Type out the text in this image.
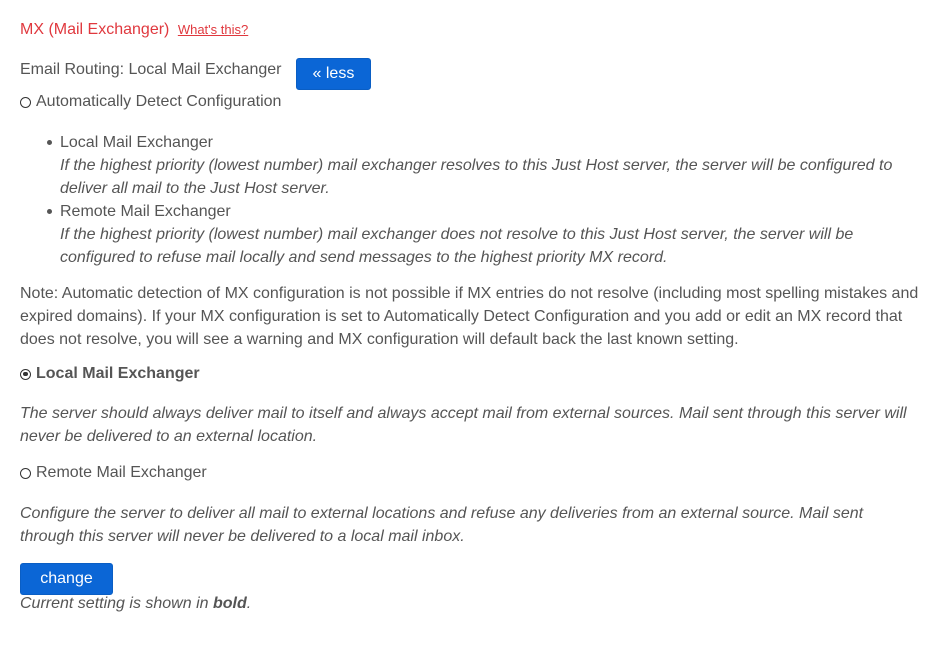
MX (Mail Exchanger) What's this?
Email Routing: Local Mail Exchanger « less
Automatically Detect Configuration
Local Mail Exchanger
If the highest priority (lowest number) mail exchanger resolves to this Just Host server, the server will be configured to deliver all mail to the Just Host server.
Remote Mail Exchanger
If the highest priority (lowest number) mail exchanger does not resolve to this Just Host server, the server will be configured to refuse mail locally and send messages to the highest priority MX record.
Note: Automatic detection of MX configuration is not possible if MX entries do not resolve (including most spelling mistakes and expired domains). If your MX configuration is set to Automatically Detect Configuration and you add or edit an MX record that does not resolve, you will see a warning and MX configuration will default back the last known setting.
Local Mail Exchanger
The server should always deliver mail to itself and always accept mail from external sources. Mail sent through this server will never be delivered to an external location.
Remote Mail Exchanger
Configure the server to deliver all mail to external locations and refuse any deliveries from an external source. Mail sent through this server will never be delivered to a local mail inbox.
change
Current setting is shown in bold.
